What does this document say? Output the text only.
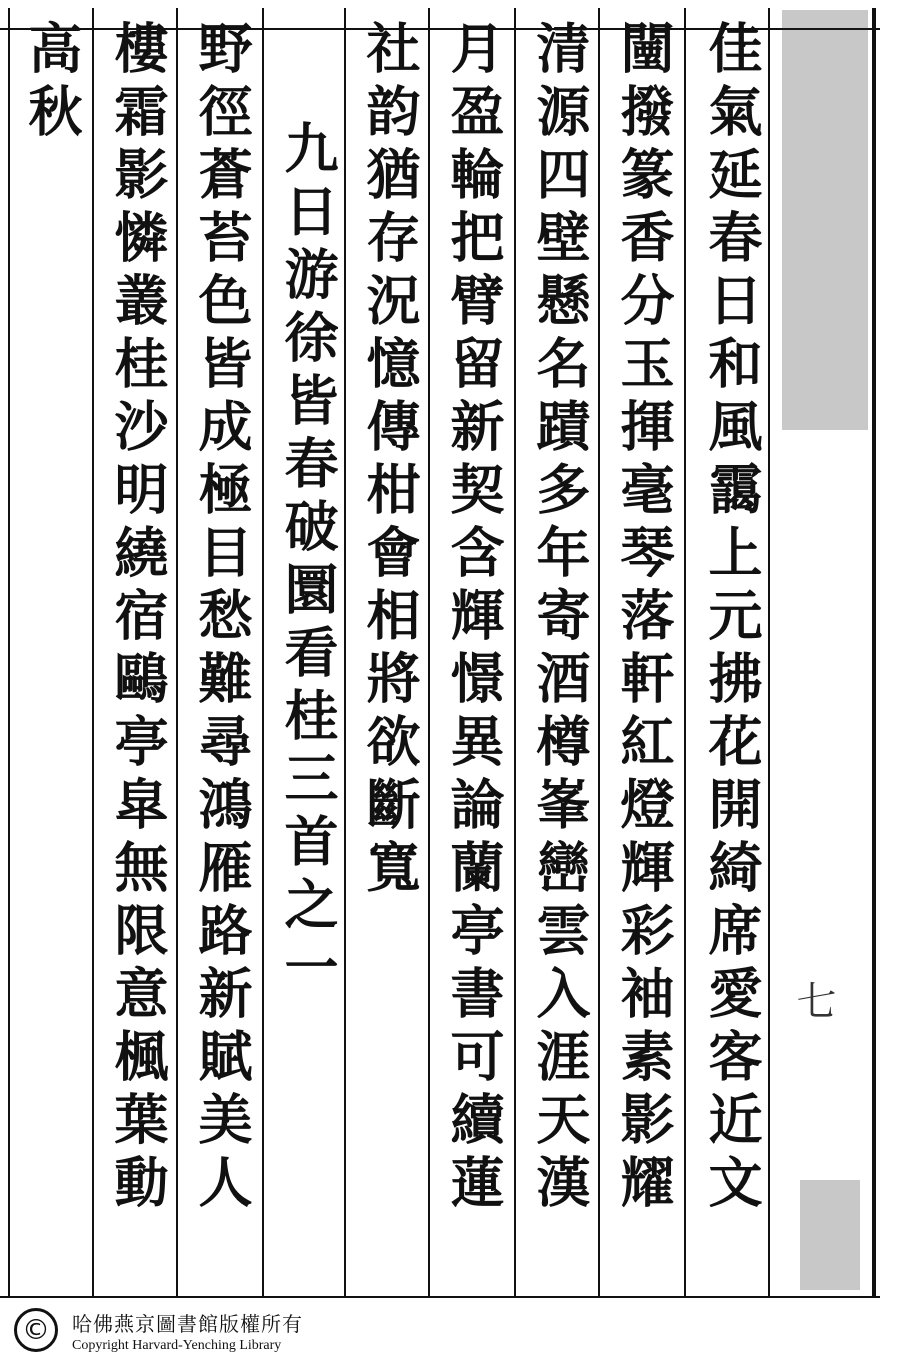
佳氣延春日和風靄上元拂花開綺席愛客近文
闉撥篆香分玉揮毫琴落軒紅燈輝彩袖素影耀
清源四壁懸名蹟多年寄酒樽峯巒雲入涯天漢
月盈輪把臂留新契含輝憬異論蘭亭書可續蓮
社韵猶存況憶傳柑會相將欲斷寬
九日游徐皆春破圜看桂三首之一
野徑蒼苔色皆成極目愁難尋鴻雁路新賦美人
樓霜影憐叢桂沙明繞宿鷗亭皐無限意楓葉動
高秋
七
©	哈佛燕京圖書館版權所有
Copyright Harvard-Yenching Library
